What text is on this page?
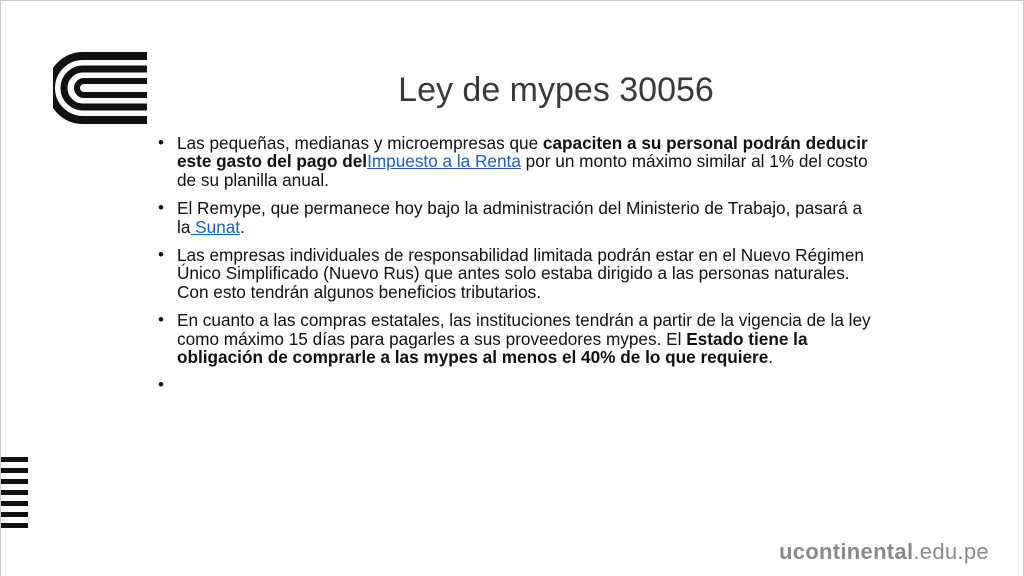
Ley de mypes 30056
• Las pequeñas, medianas y microempresas que capaciten a su personal podrán deducir este gasto del pago delImpuesto a la Renta por un monto máximo similar al 1% del costo de su planilla anual.
• El Remype, que permanece hoy bajo la administración del Ministerio de Trabajo, pasará a la Sunat.
• Las empresas individuales de responsabilidad limitada podrán estar en el Nuevo Régimen Único Simplificado (Nuevo Rus) que antes solo estaba dirigido a las personas naturales. Con esto tendrán algunos beneficios tributarios.
• En cuanto a las compras estatales, las instituciones tendrán a partir de la vigencia de la ley como máximo 15 días para pagarles a sus proveedores mypes. El Estado tiene la obligación de comprarle a las mypes al menos el 40% de lo que requiere.
•
ucontinental.edu.pe
